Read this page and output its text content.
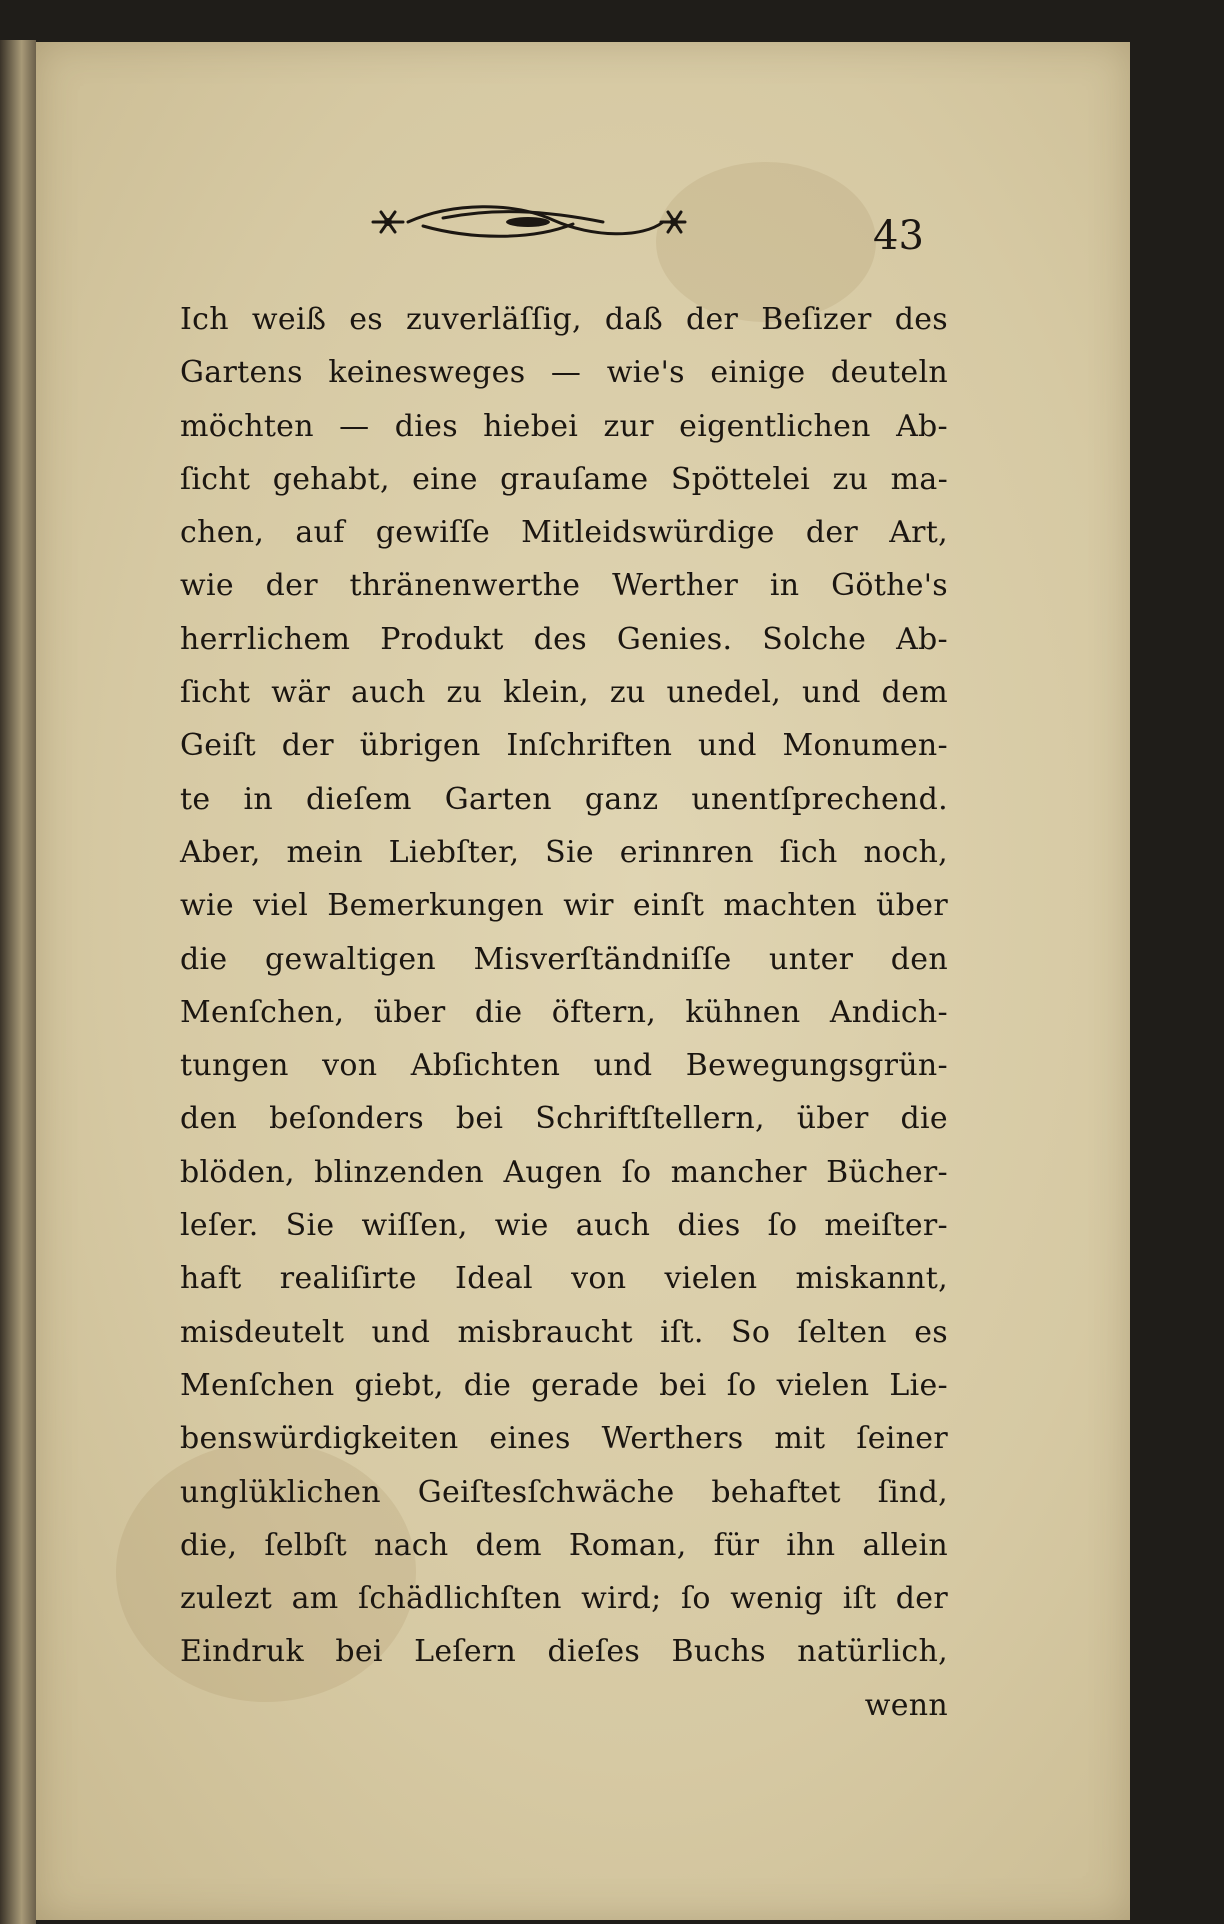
43
Ich weiß es zuverläſſig, daß der Beſizer des
Gartens keinesweges — wie's einige deuteln
möchten — dies hiebei zur eigentlichen Ab-
ſicht gehabt, eine grauſame Spöttelei zu ma-
chen, auf gewiſſe Mitleidswürdige der Art,
wie der thränenwerthe Werther in Göthe's
herrlichem Produkt des Genies. Solche Ab-
ſicht wär auch zu klein, zu unedel, und dem
Geiſt der übrigen Inſchriften und Monumen-
te in dieſem Garten ganz unentſprechend.
Aber, mein Liebſter, Sie erinnren ſich noch,
wie viel Bemerkungen wir einſt machten über
die gewaltigen Misverſtändniſſe unter den
Menſchen, über die öftern, kühnen Andich-
tungen von Abſichten und Bewegungsgrün-
den beſonders bei Schriftſtellern, über die
blöden, blinzenden Augen ſo mancher Bücher-
leſer. Sie wiſſen, wie auch dies ſo meiſter-
haft realiſirte Ideal von vielen miskannt,
misdeutelt und misbraucht iſt. So ſelten es
Menſchen giebt, die gerade bei ſo vielen Lie-
benswürdigkeiten eines Werthers mit ſeiner
unglüklichen Geiſtesſchwäche behaftet ſind,
die, ſelbſt nach dem Roman, für ihn allein
zulezt am ſchädlichſten wird; ſo wenig iſt der
Eindruk bei Leſern dieſes Buchs natürlich,
wenn
